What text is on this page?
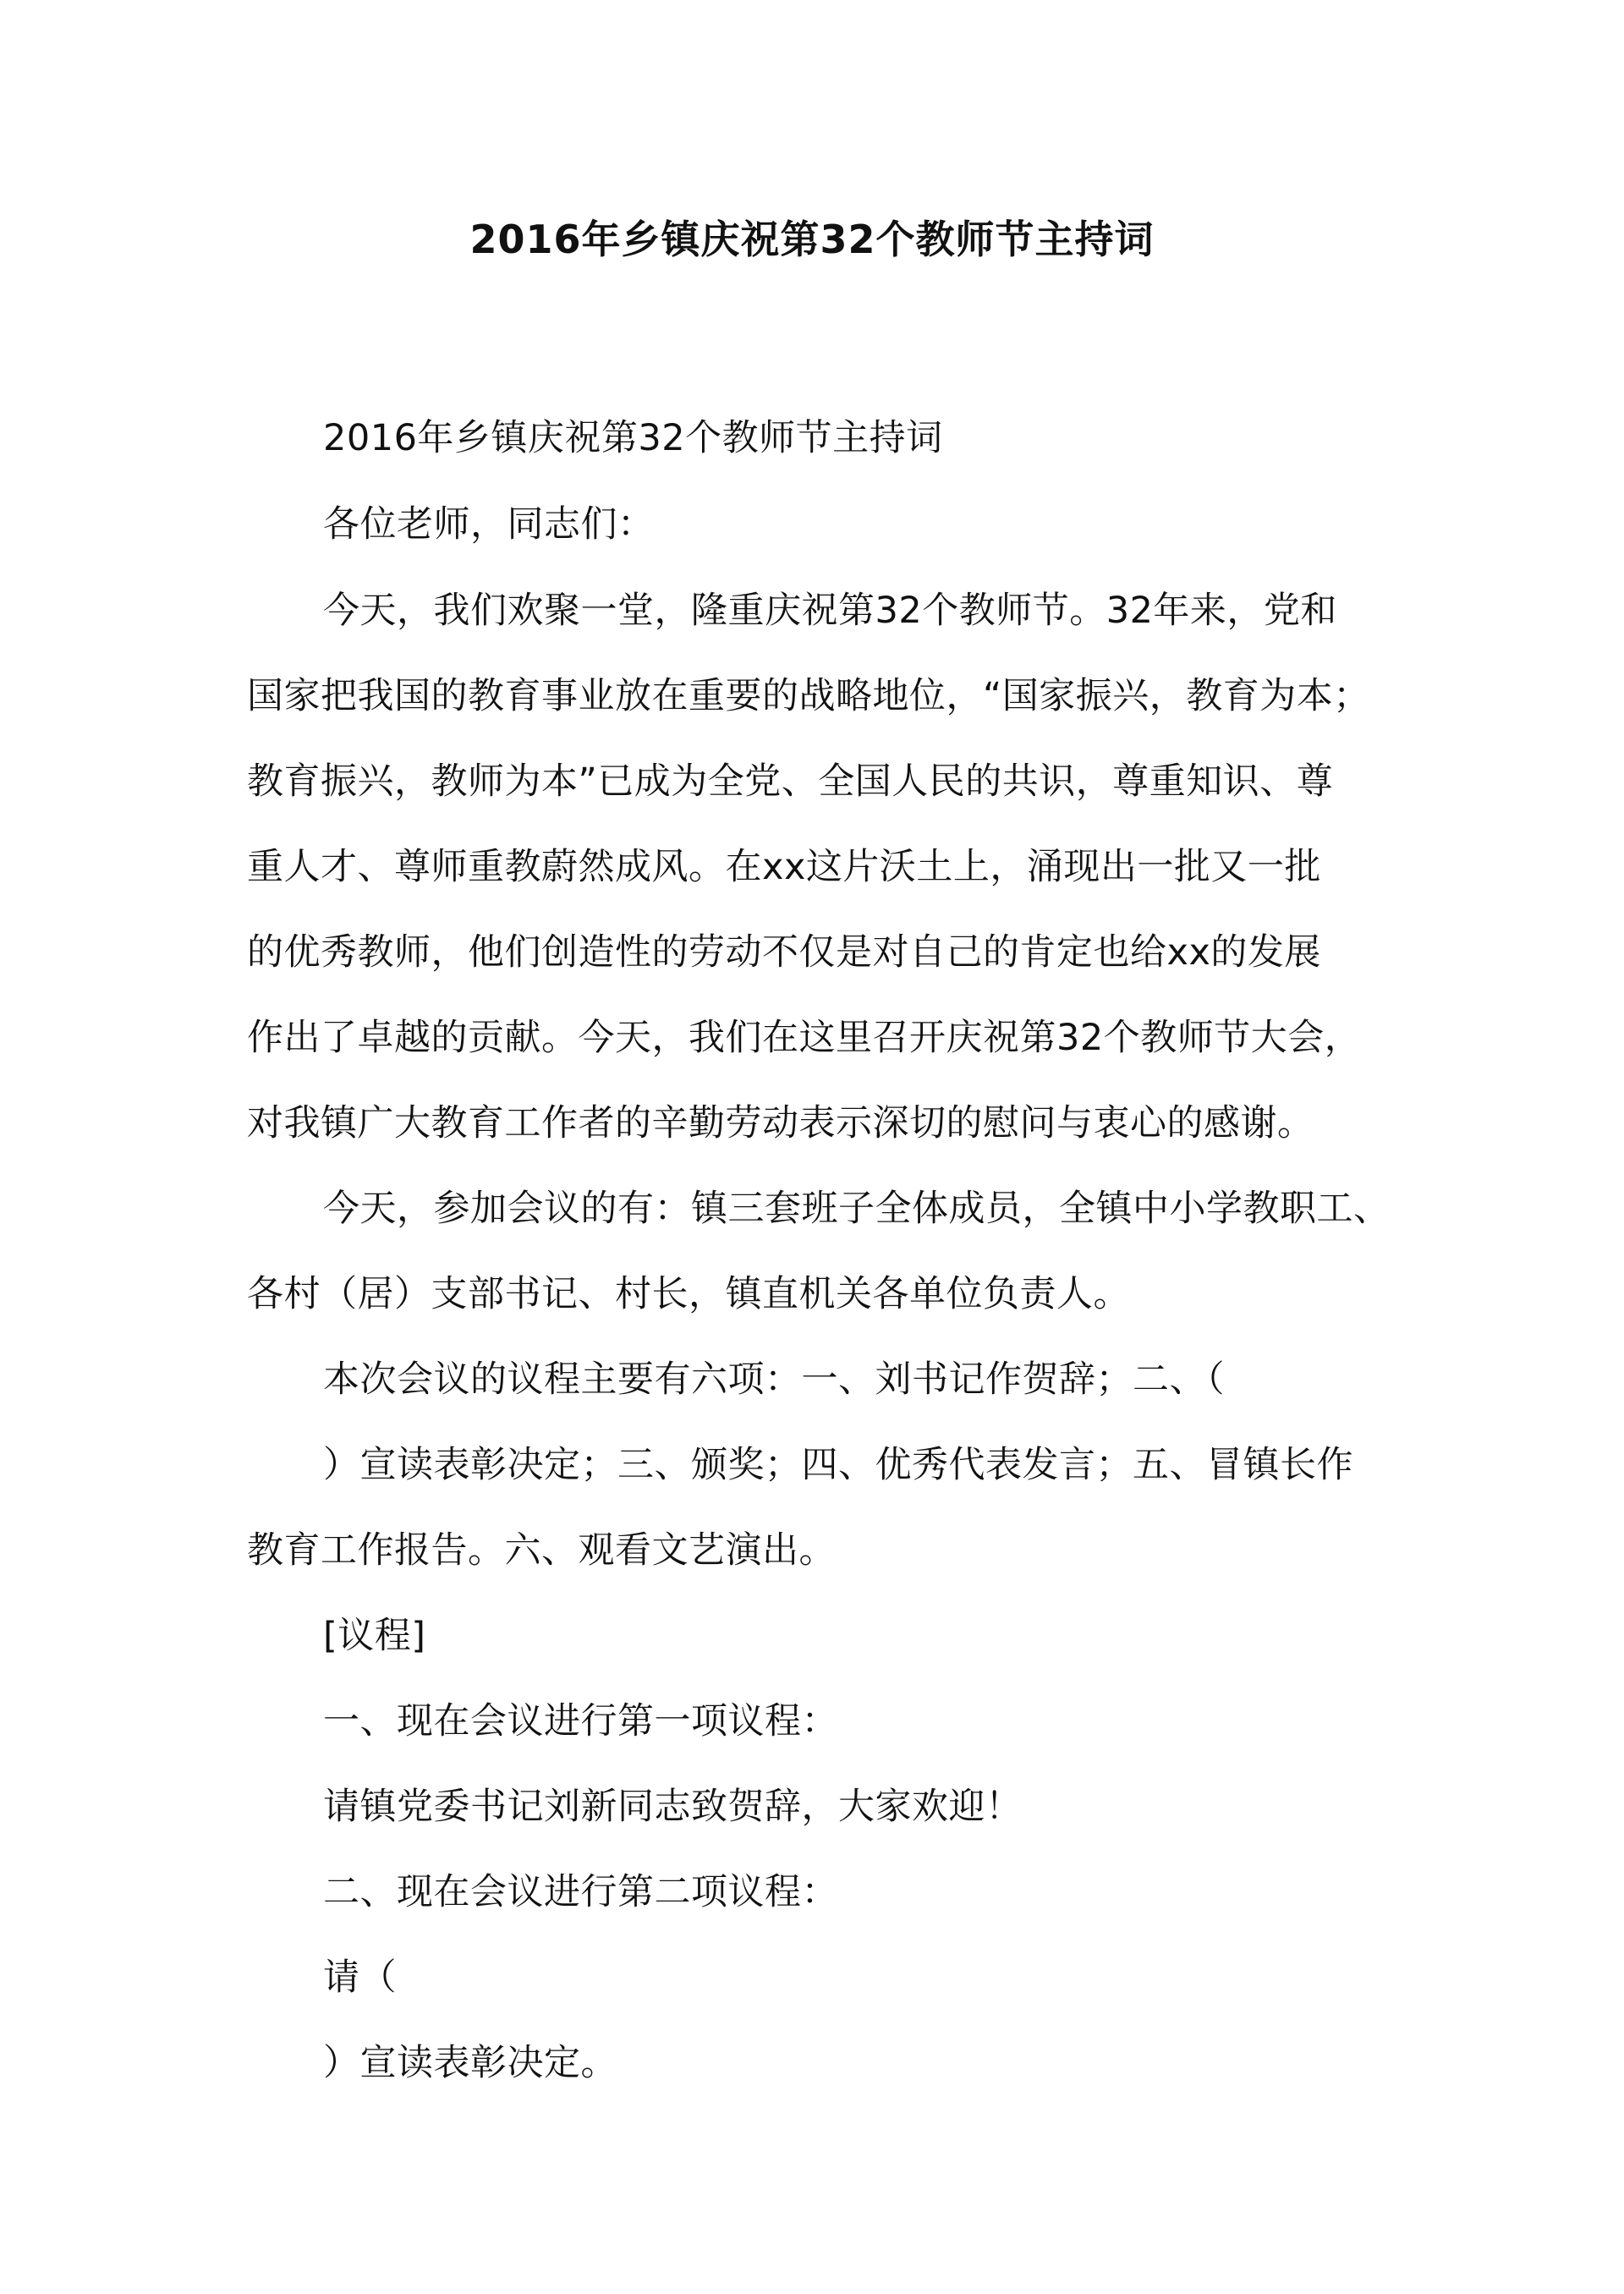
2016年乡镇庆祝第32个教师节主持词
2016年乡镇庆祝第32个教师节主持词
各位老师，同志们：
今天，我们欢聚一堂，隆重庆祝第32个教师节。32年来，党和
国家把我国的教育事业放在重要的战略地位，“国家振兴，教育为本；
教育振兴，教师为本”已成为全党、全国人民的共识，尊重知识、尊
重人才、尊师重教蔚然成风。在xx这片沃土上，涌现出一批又一批
的优秀教师，他们创造性的劳动不仅是对自己的肯定也给xx的发展
作出了卓越的贡献。今天，我们在这里召开庆祝第32个教师节大会，
对我镇广大教育工作者的辛勤劳动表示深切的慰问与衷心的感谢。
今天，参加会议的有：镇三套班子全体成员，全镇中小学教职工、
各村（居）支部书记、村长，镇直机关各单位负责人。
本次会议的议程主要有六项：一、刘书记作贺辞；二、（
）宣读表彰决定；三、颁奖；四、优秀代表发言；五、冒镇长作
教育工作报告。六、观看文艺演出。
[议程]
一、现在会议进行第一项议程：
请镇党委书记刘新同志致贺辞，大家欢迎！
二、现在会议进行第二项议程：
请（
）宣读表彰决定。
